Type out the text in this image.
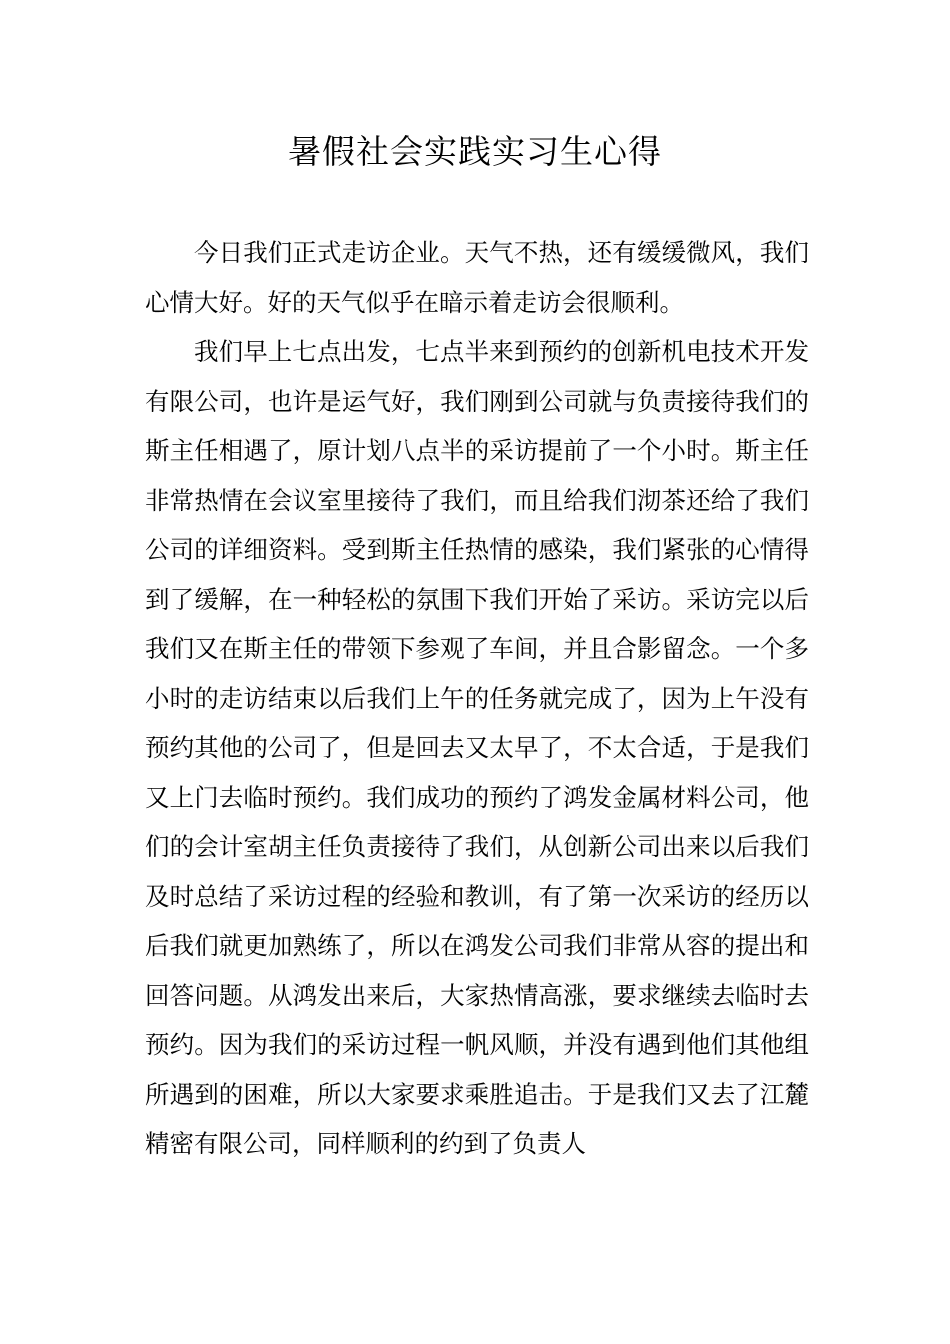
暑假社会实践实习生心得

今日我们正式走访企业。天气不热，还有缓缓微风，我们心情大好。好的天气似乎在暗示着走访会很顺利。

我们早上七点出发，七点半来到预约的创新机电技术开发有限公司，也许是运气好，我们刚到公司就与负责接待我们的斯主任相遇了，原计划八点半的采访提前了一个小时。斯主任非常热情在会议室里接待了我们，而且给我们沏茶还给了我们公司的详细资料。受到斯主任热情的感染，我们紧张的心情得到了缓解，在一种轻松的氛围下我们开始了采访。采访完以后我们又在斯主任的带领下参观了车间，并且合影留念。一个多小时的走访结束以后我们上午的任务就完成了，因为上午没有预约其他的公司了，但是回去又太早了，不太合适，于是我们又上门去临时预约。我们成功的预约了鸿发金属材料公司，他们的会计室胡主任负责接待了我们，从创新公司出来以后我们及时总结了采访过程的经验和教训，有了第一次采访的经历以后我们就更加熟练了，所以在鸿发公司我们非常从容的提出和回答问题。从鸿发出来后，大家热情高涨，要求继续去临时去预约。因为我们的采访过程一帆风顺，并没有遇到他们其他组所遇到的困难，所以大家要求乘胜追击。于是我们又去了江麓精密有限公司，同样顺利的约到了负责人
